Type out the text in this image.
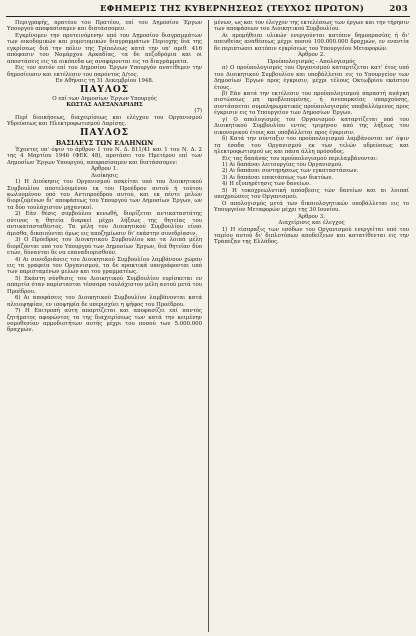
ΕΦΗΜΕΡΙΣ ΤΗΣ ΚΥΒΕΡΝΗΣΕΩΣ (ΤΕΥΧΟΣ ΠΡΩΤΟΝ)	203

Περιγραφής, πρατέου του Πρατέου, επί του Δημοσίου Έργων Υπουργού αποφασίσαμεν και διατάσσομεν.

Εγκρίνομεν την προτεινόμενην υπό του Δημοσίου διαγραμμάτων των οικοδομικών και ρυμοτομικών διαγραμμάτων Περιοχής διά της εγκρίσεως διά την πόλιν της Τρίπολεως κατά την υπ' αριθ. 416 απόφασιν του Νομάρχου Αρκαδίας, τα δε πεζοδρόμια και οι αποστάσεις εις τα οικόπεδα ως αναφέρονται εις τα διαγράμματα.

Εις τον αυτόν επί του Δημοσίου Έργων Υπουργόν ανατίθεμεν την δημοσίευσιν και εκτέλεσιν του παρόντος Δ/τος.

Εν Αθήναις τη 31 Δεκεμβρίου 1948.

ΠΑΥΛΟΣ

Ο επί των Δημοσίων Έργων Υπουργός

ΚΩΣΤΑΣ ΑΛΕΞΑΝΔΡΙΔΗΣ

(7)

Περί διοικήσεως, διαχειρίσεως και ελέγχου του Οργανισμού Υδρεύσεως και Ηλεκτροφωτισμού Λαρίσης.

ΠΑΥΛΟΣ

ΒΑΣΙΛΕΥΣ ΤΩΝ ΕΛΛΗΝΩΝ

Έχοντες υπ' όψιν το άρθρον 1 του Ν. Δ. 811/41 και 1 του Ν. Δ. 2 της 4 Μαρτίου 1946 (ΦΕΚ 48), προτάσει του Ημετέρου επί των Δημοσίων Έργων Υπουργού, αποφασίσαμεν και διατάσσομεν:

Άρθρον 1.

Διοίκησις

1) Η Διοίκησις του Οργανισμού ασκείται υπό του Διοικητικού Συμβουλίου αποτελουμένου εκ του Προέδρου αυτού ή τούτου κωλυομένου υπό του Αντιπροέδρου αυτού, και εκ πέντε μελών διοριζομένων δι' αποφάσεως του Υπουργού των Δημοσίων Έργων, ων τα δύο τουλάχιστον μηχανικοί.

2) Εάν θέσις συμβούλου κενωθή, διορίζεται αντικαταστάτης ούτινος η θητεία διαρκεί μέχρι λήξεως της θητείας του αντικατασταθέντος. Τα μέλη του Διοικητικού Συμβουλίου είναι άμισθα, δικαιούνται όμως εις αποζημίωσιν δι' εκάστην συνεδρίασιν.

3) Ο Πρόεδρος του Διοικητικού Συμβουλίου και τα λοιπά μέλη διορίζονται υπό του Υπουργού των Δημοσίων Έργων, διά θητείαν δύο ετών, δύνανται δε να επαναδιορισθούν.

4) Αι συνεδριάσεις του Διοικητικού Συμβουλίου λαμβάνουν χώραν εις τα γραφεία του Οργανισμού, τα δε πρακτικά υπογράφονται υπό των παρισταμένων μελών και του γραμματέως.

5) Εκάστη σύνθεσις του Διοικητικού Συμβουλίου ευρίσκεται εν απαρτία όταν παρίστανται τέσσαρα τουλάχιστον μέλη αυτού μετά του Προέδρου.

6) Αι αποφάσεις του Διοικητικού Συμβουλίου λαμβάνονται κατά πλειοψηφίαν, εν ισοψηφία δε υπερισχύει η ψήφος του Προέδρου.

7) Η Επιτροπή αύτη απαρτίζεται και αποφασίζει επί παντός ζητήματος αφορώντος τα της διαχειρίσεως των κατά την κειμένην νομοθεσίαν αρμοδιοτήτων αυτής μέχρι του ποσού των 5.000.000 δραχμών.

μένων, ως και τον έλεγχον της εκτελέσεως των έργων και την τήρησιν των αποφάσεων του Διοικητικού Συμβουλίου.

Αι προμήθειαι υλικών ενεργούνται κατόπιν δημοπρασίας ή δι' απευθείας αναθέσεως μέχρι ποσού 100.000.000 δραχμών, εν εναντία δε περιπτώσει κατόπιν εγκρίσεως του Υπουργείου Μεταφορών.

Άρθρον 2.

Προϋπολογισμός - Απολογισμός

α) Ο προϋπολογισμός του Οργανισμού καταρτίζεται κατ' έτος υπό του Διοικητικού Συμβουλίου και υποβάλλεται εις το Υπουργείον των Δημοσίων Έργων προς έγκρισιν, μέχρι τέλους Οκτωβρίου εκάστου έτους.

β) Εάν κατά την εκτέλεσιν του προϋπολογισμού παραστή ανάγκη πιστώσεως μη προβλεπομένης, ή ανεπαρκείας υπαρχούσης, συντάσσεται συμπληρωματικός προϋπολογισμός υποβαλλόμενος προς έγκρισιν εις το Υπουργείον των Δημοσίων Έργων.

γ) Ο απολογισμός του Οργανισμού καταρτίζεται υπό του Διοικητικού Συμβουλίου εντός τριμήνου από της λήξεως του οικονομικού έτους και υποβάλλεται προς έγκρισιν.

δ) Κατά την σύνταξιν του προϋπολογισμού λαμβάνονται υπ' όψιν τα έσοδα του Οργανισμού εκ των τελών υδρεύσεως και ηλεκτροφωτισμού ως και πάσα άλλη πρόσοδος.

Εις τας δαπάνας του προϋπολογισμού περιλαμβάνονται:

1) Αι δαπάναι λειτουργίας του Οργανισμού.

2) Αι δαπάναι συντηρήσεως των εγκαταστάσεων.

3) Αι δαπάναι επεκτάσεως των δικτύων.

4) Η εξυπηρέτησις των δανείων.

5) Η τοκοχρεωλυτική απόσβεσις των δανείων και αι λοιπαί υποχρεώσεις του Οργανισμού.

Ο απολογισμός μετά των δικαιολογητικών υποβάλλεται εις το Υπουργείον Μεταφορών μέχρι της 30 Ιουνίου.

Άρθρον 3.

Διαχείρισις και έλεγχος

1) Η είσπραξις των εσόδων του Οργανισμού ενεργείται υπό του ταμίου αυτού δι' διπλοτύπων αποδείξεων και κατατίθενται εις την Τράπεζαν της Ελλάδος.
